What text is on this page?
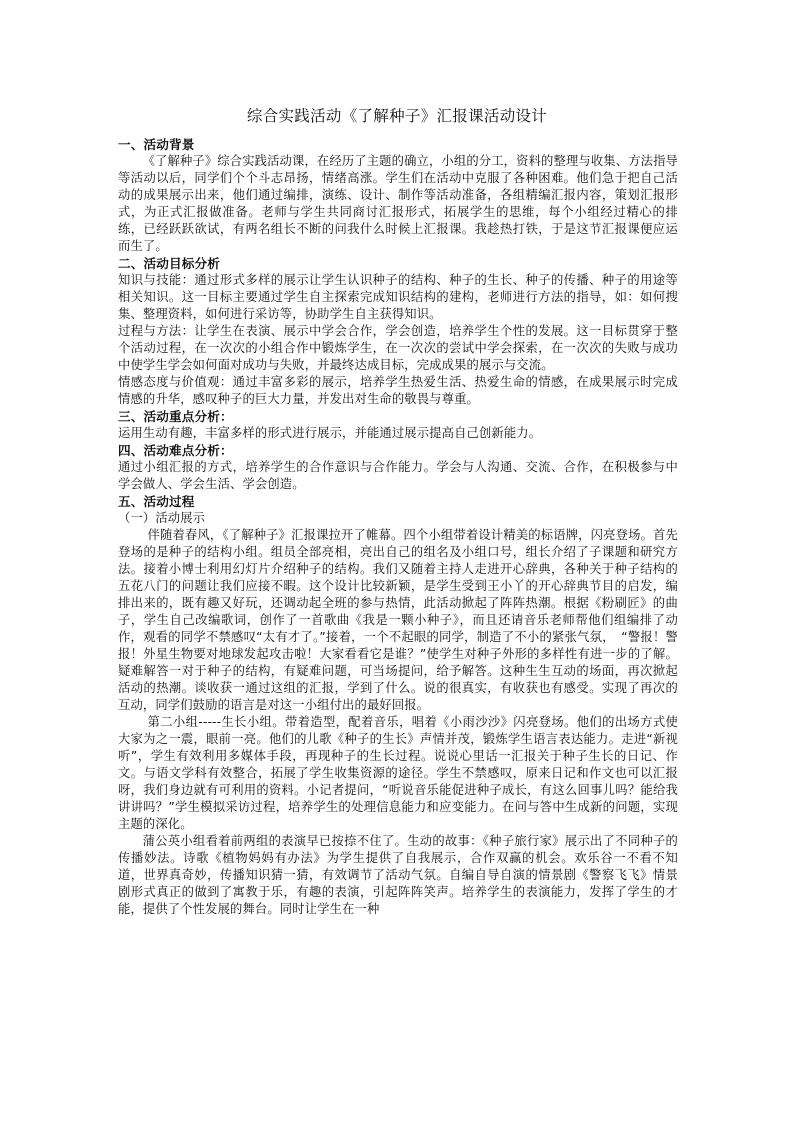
综合实践活动《了解种子》汇报课活动设计

一、活动背景

《了解种子》综合实践活动课，在经历了主题的确立，小组的分工，资料的整理与收集、方法指导等活动以后，同学们个个斗志昂扬，情绪高涨。学生们在活动中克服了各种困难。他们急于把自己活动的成果展示出来，他们通过编排，演练、设计、制作等活动准备，各组精编汇报内容，策划汇报形式，为正式汇报做准备。老师与学生共同商讨汇报形式，拓展学生的思维，每个小组经过精心的排练，已经跃跃欲试，有两名组长不断的问我什么时候上汇报课。我趁热打铁，于是这节汇报课便应运而生了。

二、活动目标分析

知识与技能：通过形式多样的展示让学生认识种子的结构、种子的生长、种子的传播、种子的用途等相关知识。这一目标主要通过学生自主探索完成知识结构的建构，老师进行方法的指导，如：如何搜集、整理资料，如何进行采访等，协助学生自主获得知识。

过程与方法：让学生在表演、展示中学会合作，学会创造，培养学生个性的发展。这一目标贯穿于整个活动过程，在一次次的小组合作中锻炼学生，在一次次的尝试中学会探索，在一次次的失败与成功中使学生学会如何面对成功与失败，并最终达成目标，完成成果的展示与交流。

情感态度与价值观：通过丰富多彩的展示，培养学生热爱生活、热爱生命的情感，在成果展示时完成情感的升华，感叹种子的巨大力量，并发出对生命的敬畏与尊重。

三、活动重点分析：

运用生动有趣，丰富多样的形式进行展示，并能通过展示提高自己创新能力。

四、活动难点分析：

通过小组汇报的方式，培养学生的合作意识与合作能力。学会与人沟通、交流、合作，在积极参与中学会做人、学会生活、学会创造。

五、活动过程

（一）活动展示

伴随着春风，《了解种子》汇报课拉开了帷幕。四个小组带着设计精美的标语牌，闪亮登场。首先登场的是种子的结构小组。组员全部亮相，亮出自己的组名及小组口号，组长介绍了子课题和研究方法。接着小博士利用幻灯片介绍种子的结构。我们又随着主持人走进开心辞典，各种关于种子结构的五花八门的问题让我们应接不暇。这个设计比较新颖，是学生受到王小丫的开心辞典节目的启发，编排出来的，既有趣又好玩，还调动起全班的参与热情，此活动掀起了阵阵热潮。根据《粉刷匠》的曲子，学生自己改编歌词，创作了一首歌曲《我是一颗小种子》，而且还请音乐老师帮他们组编排了动作，观看的同学不禁感叹“太有才了。”接着，一个不起眼的同学，制造了不小的紧张气氛，　“警报！警报！外星生物要对地球发起攻击啦！大家看看它是谁？”使学生对种子外形的多样性有进一步的了解。疑难解答一对于种子的结构，有疑难问题，可当场提问，给予解答。这种生生互动的场面，再次掀起活动的热潮。谈收获一通过这组的汇报，学到了什么。说的很真实，有收获也有感受。实现了再次的互动，同学们鼓励的语言是对这一小组付出的最好回报。

第二小组-----生长小组。带着造型，配着音乐，唱着《小雨沙沙》闪亮登场。他们的出场方式使大家为之一震，眼前一亮。他们的儿歌《种子的生长》声情并茂，锻炼学生语言表达能力。走进“新视听”，学生有效利用多媒体手段，再现种子的生长过程。说说心里话一汇报关于种子生长的日记、作文。与语文学科有效整合，拓展了学生收集资源的途径。学生不禁感叹，原来日记和作文也可以汇报呀，我们身边就有可利用的资料。小记者提问，“听说音乐能促进种子成长，有这么回事儿吗？能给我讲讲吗？”学生模拟采访过程，培养学生的处理信息能力和应变能力。在问与答中生成新的问题，实现主题的深化。

蒲公英小组看着前两组的表演早已按捺不住了。生动的故事：《种子旅行家》展示出了不同种子的传播妙法。诗歌《植物妈妈有办法》为学生提供了自我展示，合作双赢的机会。欢乐谷一不看不知道，世界真奇妙，传播知识猜一猜，有效调节了活动气氛。自编自导自演的情景剧《警察飞飞》情景剧形式真正的做到了寓教于乐，有趣的表演，引起阵阵笑声。培养学生的表演能力，发挥了学生的才能，提供了个性发展的舞台。同时让学生在一种
